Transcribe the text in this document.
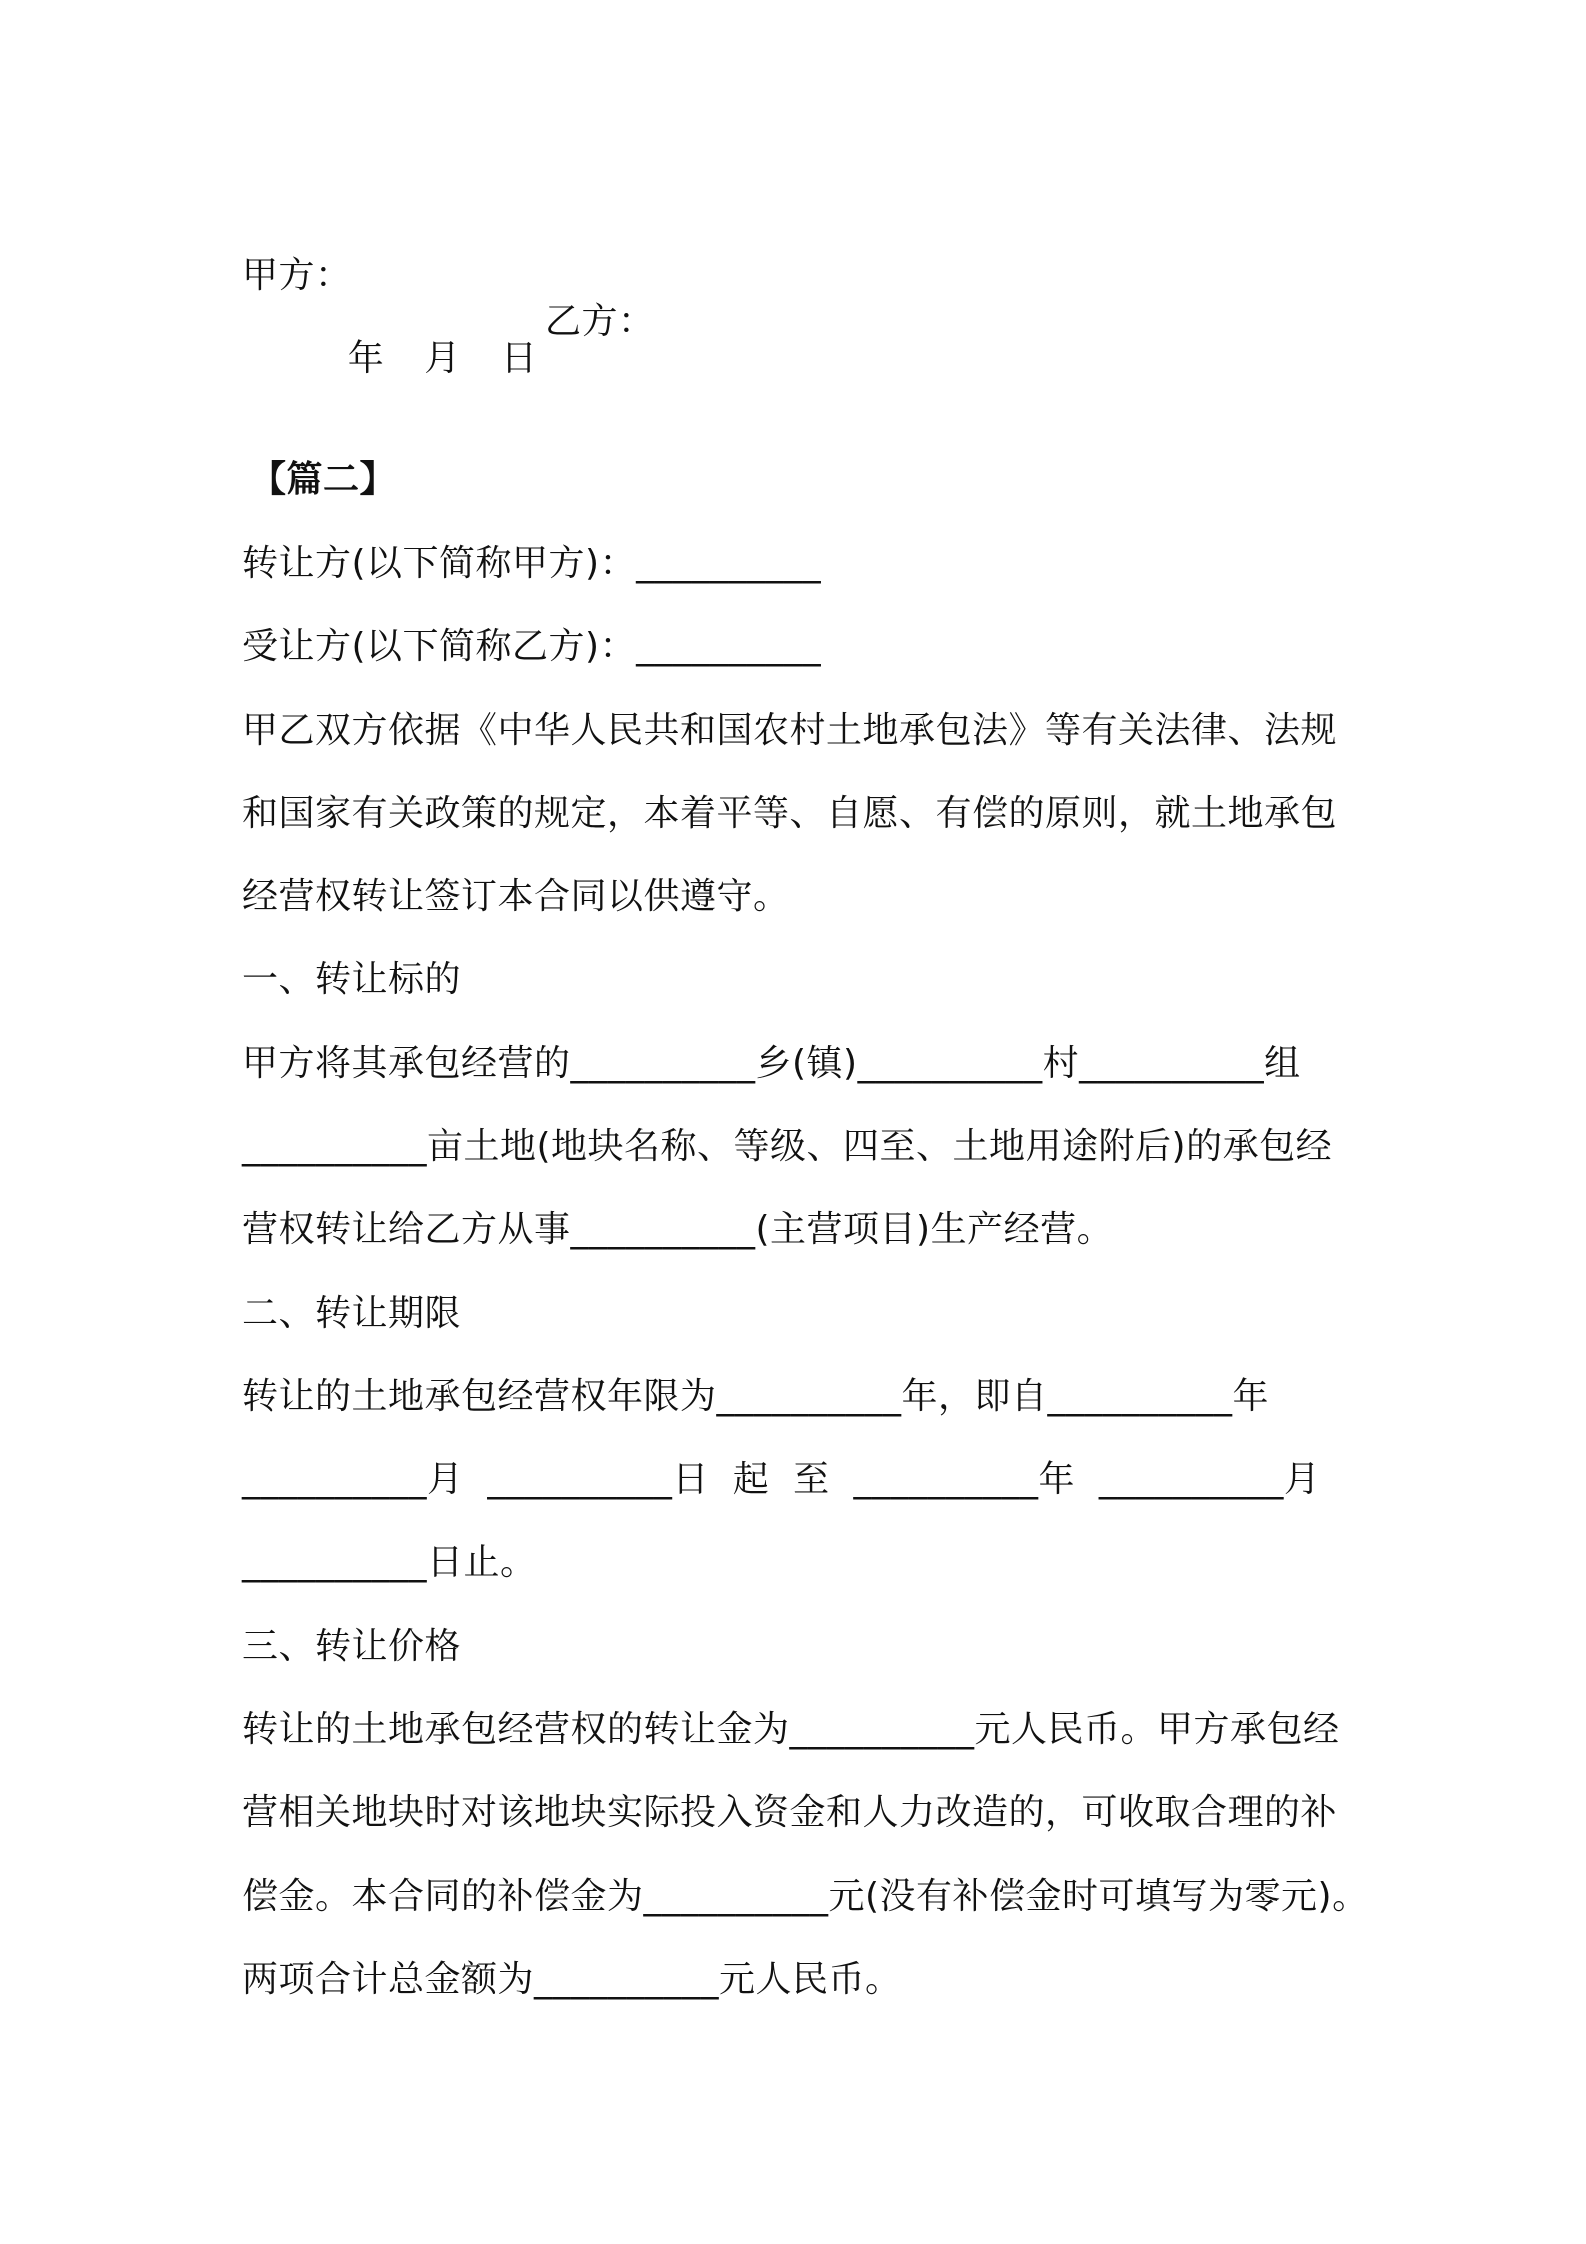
甲方：

乙方：

年 月 日

【篇二】
转让方(以下简称甲方)：__________
受让方(以下简称乙方)：__________
甲乙双方依据《中华人民共和国农村土地承包法》等有关法律、法规
和国家有关政策的规定，本着平等、自愿、有偿的原则，就土地承包
经营权转让签订本合同以供遵守。
一、转让标的
甲方将其承包经营的__________乡(镇)__________村__________组
__________亩土地(地块名称、等级、四至、土地用途附后)的承包经
营权转让给乙方从事__________(主营项目)生产经营。
二、转让期限
转让的土地承包经营权年限为__________年，即自__________年
__________月  __________日  起  至  __________年  __________月
__________日止。
三、转让价格
转让的土地承包经营权的转让金为__________元人民币。甲方承包经
营相关地块时对该地块实际投入资金和人力改造的，可收取合理的补
偿金。本合同的补偿金为__________元(没有补偿金时可填写为零元)。
两项合计总金额为__________元人民币。
